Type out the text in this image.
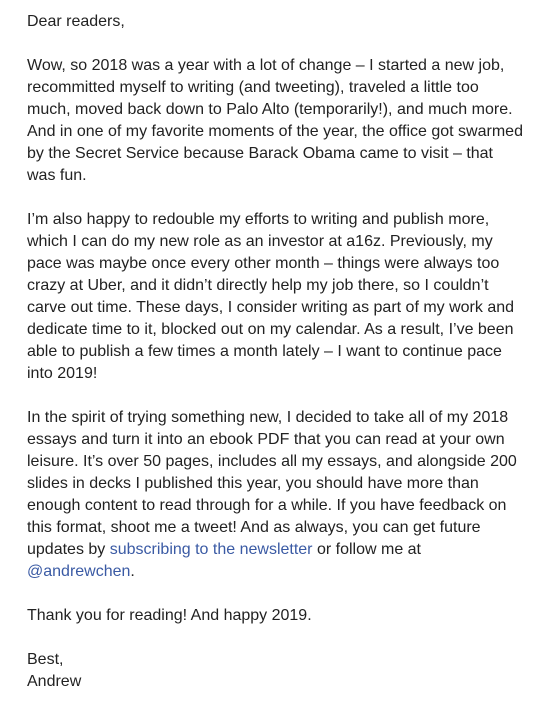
Dear readers,

Wow, so 2018 was a year with a lot of change – I started a new job, recommitted myself to writing (and tweeting), traveled a little too much, moved back down to Palo Alto (temporarily!), and much more. And in one of my favorite moments of the year, the office got swarmed by the Secret Service because Barack Obama came to visit – that was fun.

I’m also happy to redouble my efforts to writing and publish more, which I can do my new role as an investor at a16z. Previously, my pace was maybe once every other month – things were always too crazy at Uber, and it didn’t directly help my job there, so I couldn’t carve out time. These days, I consider writing as part of my work and dedicate time to it, blocked out on my calendar. As a result, I’ve been able to publish a few times a month lately – I want to continue pace into 2019!

In the spirit of trying something new, I decided to take all of my 2018 essays and turn it into an ebook PDF that you can read at your own leisure. It’s over 50 pages, includes all my essays, and alongside 200 slides in decks I published this year, you should have more than enough content to read through for a while. If you have feedback on this format, shoot me a tweet! And as always, you can get future updates by subscribing to the newsletter or follow me at @andrewchen.

Thank you for reading! And happy 2019.

Best,

Andrew
